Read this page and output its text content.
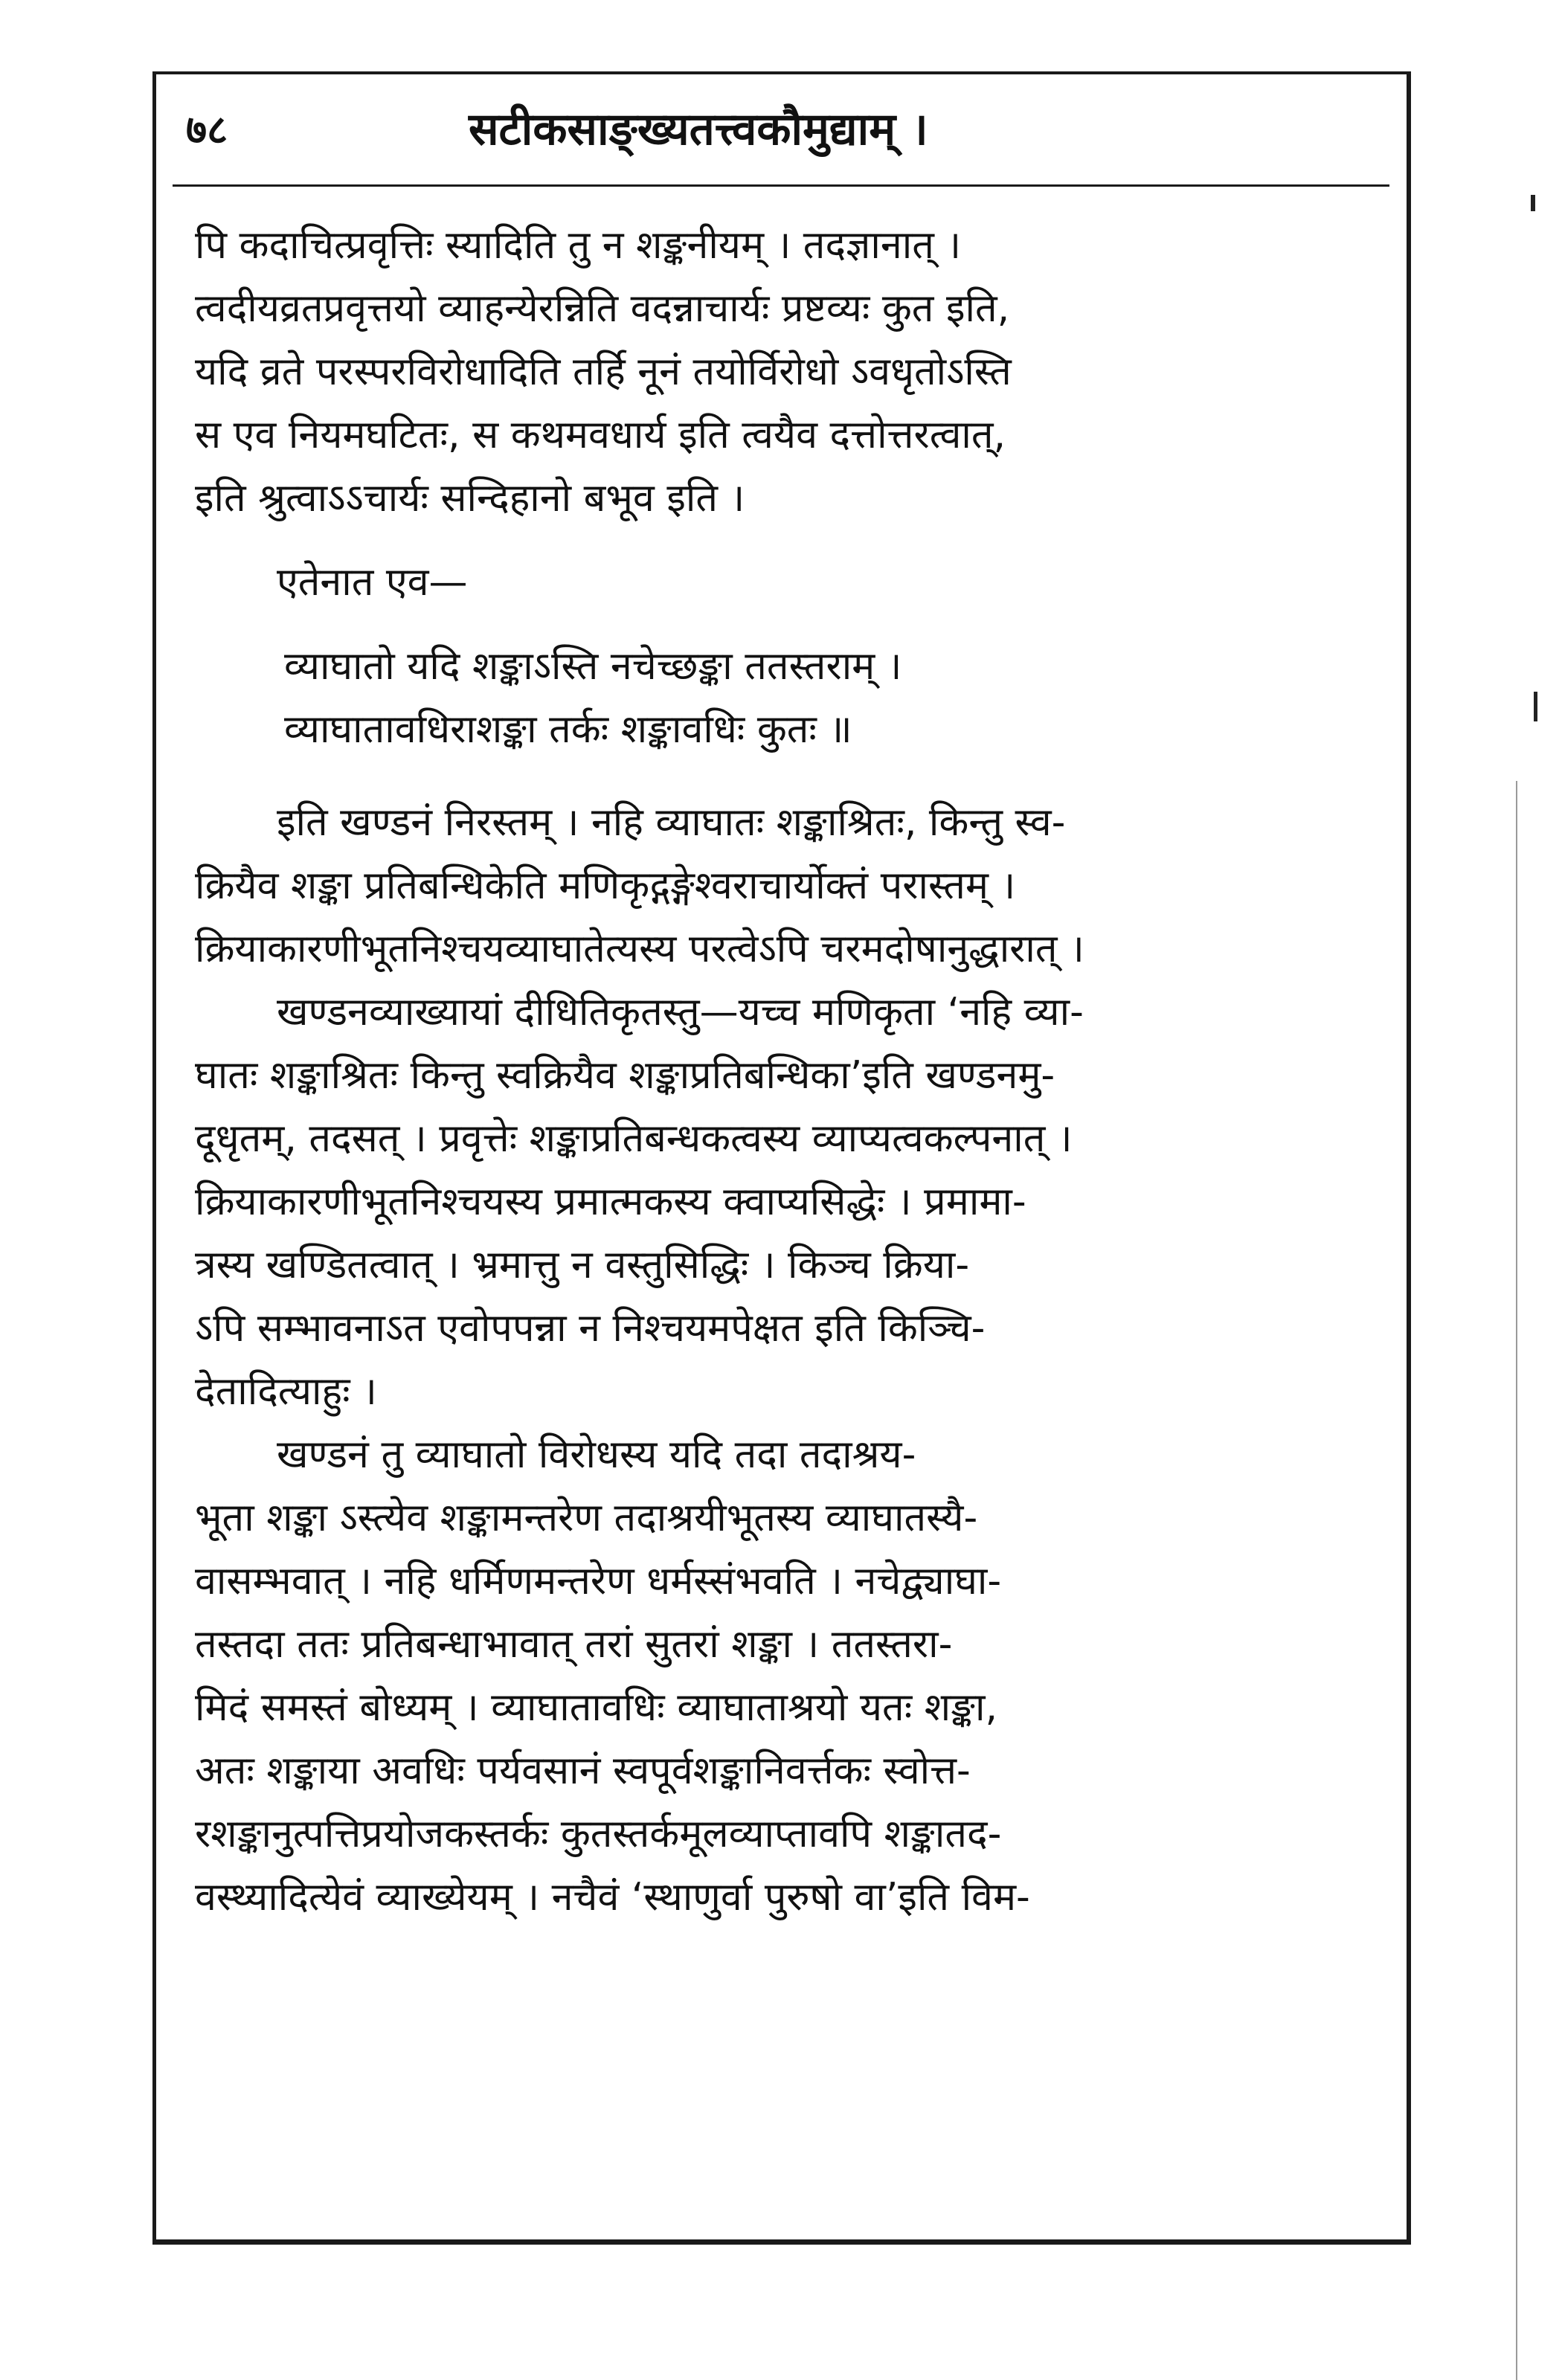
७८	सटीकसाङ्ख्यतत्त्वकौमुद्याम् ।
पि कदाचित्प्रवृत्तिः स्यादिति तु न शङ्कनीयम् । तदज्ञानात् ।
त्वदीयव्रतप्रवृत्तयो व्याहन्येरन्निति वदन्नाचार्यः प्रष्टव्यः कुत इति,
यदि व्रते परस्परविरोधादिति तर्हि नूनं तयोर्विरोधो ऽवधृतोऽस्ति
स एव नियमघटितः, स कथमवधार्य इति त्वयैव दत्तोत्तरत्वात्,
इति श्रुत्वाऽऽचार्यः सन्दिहानो बभूव इति ।
एतेनात एव—
व्याघातो यदि शङ्काऽस्ति नचेच्छङ्का ततस्तराम् ।
व्याघातावधिराशङ्का तर्कः शङ्कावधिः कुतः ॥
इति खण्डनं निरस्तम् । नहि व्याघातः शङ्काश्रितः, किन्तु स्व-
क्रियैव शङ्का प्रतिबन्धिकेति मणिकृद्गङ्गेश्वराचार्योक्तं परास्तम् ।
क्रियाकारणीभूतनिश्चयव्याघातेत्यस्य परत्वेऽपि चरमदोषानुद्धारात् ।
खण्डनव्याख्यायां दीधितिकृतस्तु—यच्च मणिकृता ‘नहि व्या-
घातः शङ्काश्रितः किन्तु स्वक्रियैव शङ्काप्रतिबन्धिका’इति खण्डनमु-
दूधृतम्, तदसत् । प्रवृत्तेः शङ्काप्रतिबन्धकत्वस्य व्याप्यत्वकल्पनात् ।
क्रियाकारणीभूतनिश्चयस्य प्रमात्मकस्य क्वाप्यसिद्धेः । प्रमामा-
त्रस्य खण्डितत्वात् । भ्रमात्तु न वस्तुसिद्धिः । किञ्च क्रिया-
ऽपि सम्भावनाऽत एवोपपन्ना न निश्चयमपेक्षत इति किञ्चि-
देतादित्याहुः ।
खण्डनं तु व्याघातो विरोधस्य यदि तदा तदाश्रय-
भूता शङ्का ऽस्त्येव शङ्कामन्तरेण तदाश्रयीभूतस्य व्याघातस्यै-
वासम्भवात् । नहि धर्मिणमन्तरेण धर्मस्संभवति । नचेद्व्याघा-
तस्तदा ततः प्रतिबन्धाभावात् तरां सुतरां शङ्का । ततस्तरा-
मिदं समस्तं बोध्यम् । व्याघातावधिः व्याघाताश्रयो यतः शङ्का,
अतः शङ्काया अवधिः पर्यवसानं स्वपूर्वशङ्कानिवर्त्तकः स्वोत्त-
रशङ्कानुत्पत्तिप्रयोजकस्तर्कः कुतस्तर्कमूलव्याप्तावपि शङ्कातद-
वस्थ्यादित्येवं व्याख्येयम् । नचैवं ‘स्थाणुर्वा पुरुषो वा’इति विम-
